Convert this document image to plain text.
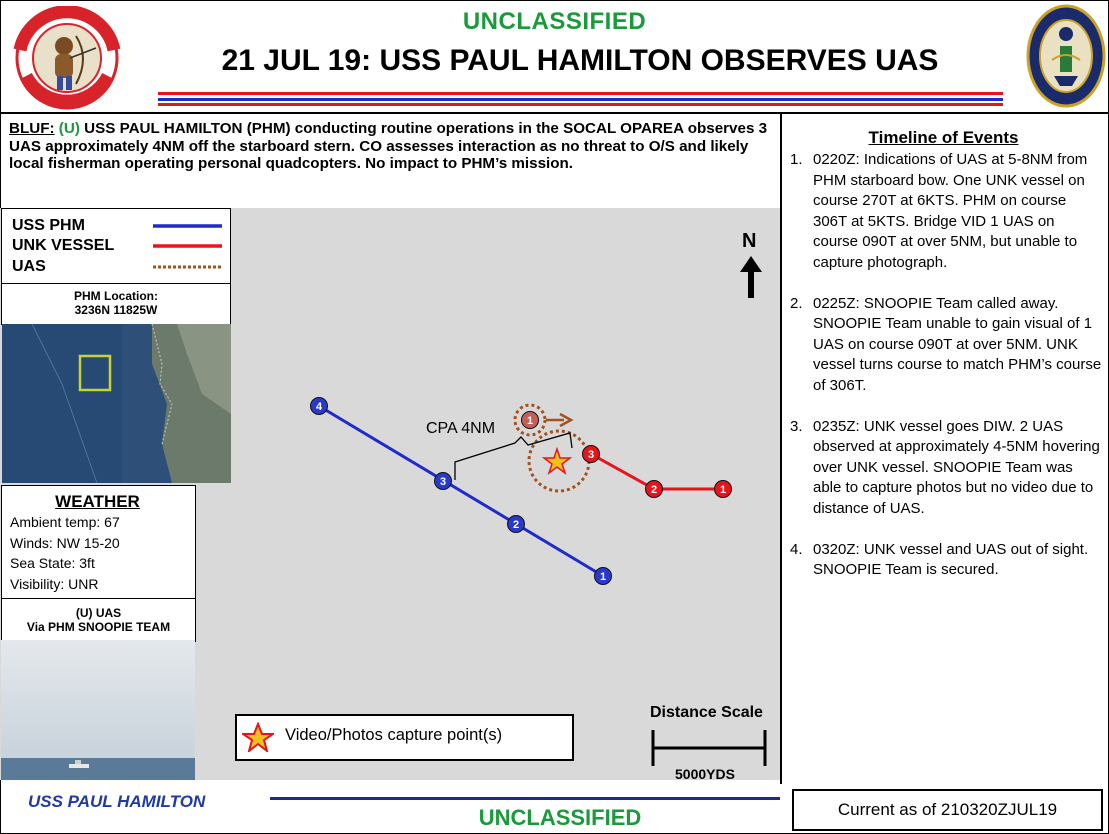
UNCLASSIFIED
21 JUL 19: USS PAUL HAMILTON OBSERVES UAS
BLUF: (U) USS PAUL HAMILTON (PHM) conducting routine operations in the SOCAL OPAREA observes 3 UAS approximately 4NM off the starboard stern. CO assesses interaction as no threat to O/S and likely local fisherman operating personal quadcopters. No impact to PHM’s mission.
4
3
2
1
3
2	1
1
CPA 4NM
N
USS PHM
UNK VESSEL
UAS
PHM Location:
3236N 11825W
WEATHER
Ambient temp: 67
Winds: NW 15-20
Sea State: 3ft
Visibility: UNR
(U) UAS
Via PHM SNOOPIE TEAM
Video/Photos capture point(s)
Distance Scale
5000YDS
Timeline of Events
1. 0220Z: Indications of UAS at 5-8NM from PHM starboard bow. One UNK vessel on course 270T at 6KTS. PHM on course 306T at 5KTS. Bridge VID 1 UAS on course 090T at over 5NM, but unable to capture photograph.
2. 0225Z: SNOOPIE Team called away. SNOOPIE Team unable to gain visual of 1 UAS on course 090T at over 5NM. UNK vessel turns course to match PHM’s course of 306T.
3. 0235Z: UNK vessel goes DIW. 2 UAS observed at approximately 4-5NM hovering over UNK vessel. SNOOPIE Team was able to capture photos but no video due to distance of UAS.
4. 0320Z: UNK vessel and UAS out of sight. SNOOPIE Team is secured.
USS PAUL HAMILTON
UNCLASSIFIED	Current as of 210320ZJUL19
